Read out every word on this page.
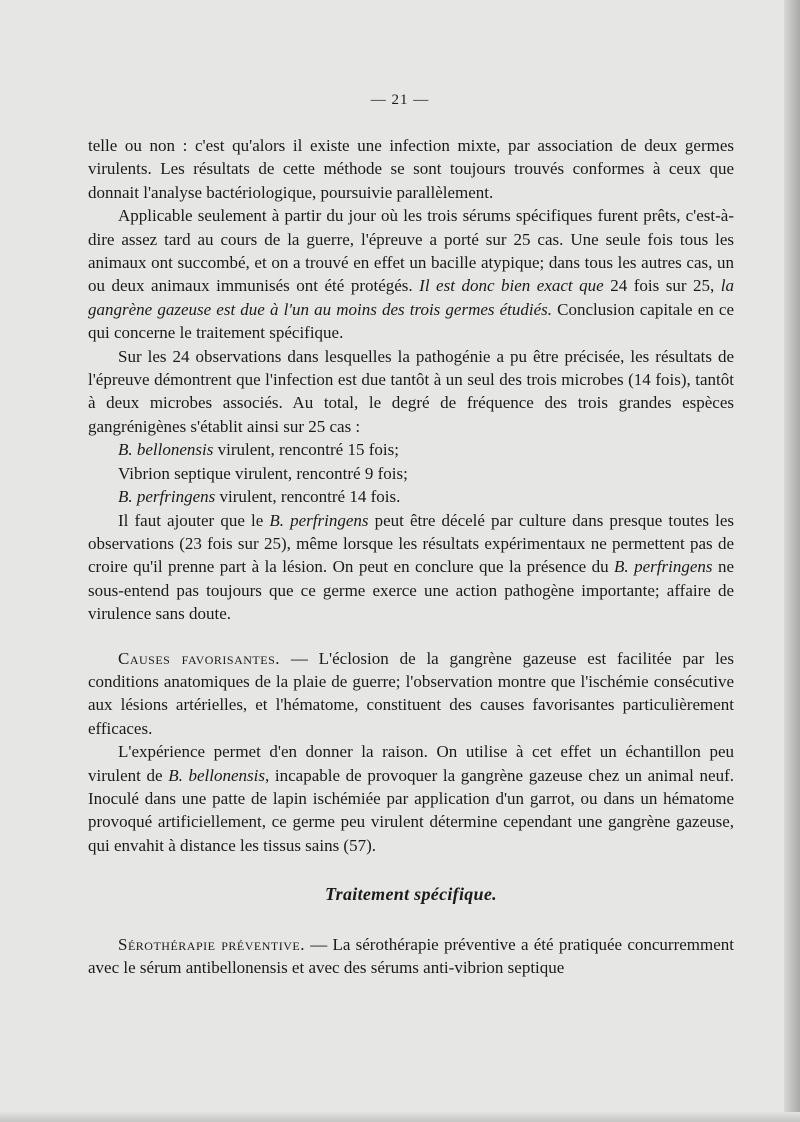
— 21 —

telle ou non : c'est qu'alors il existe une infection mixte, par association de deux germes virulents. Les résultats de cette méthode se sont toujours trouvés conformes à ceux que donnait l'analyse bactériologique, poursuivie parallèlement.

Applicable seulement à partir du jour où les trois sérums spécifiques furent prêts, c'est-à-dire assez tard au cours de la guerre, l'épreuve a porté sur 25 cas. Une seule fois tous les animaux ont succombé, et on a trouvé en effet un bacille atypique; dans tous les autres cas, un ou deux animaux immunisés ont été protégés. Il est donc bien exact que 24 fois sur 25, la gangrène gazeuse est due à l'un au moins des trois germes étudiés. Conclusion capitale en ce qui concerne le traitement spécifique.

Sur les 24 observations dans lesquelles la pathogénie a pu être précisée, les résultats de l'épreuve démontrent que l'infection est due tantôt à un seul des trois microbes (14 fois), tantôt à deux microbes associés. Au total, le degré de fréquence des trois grandes espèces gangrénigènes s'établit ainsi sur 25 cas :

B. bellonensis virulent, rencontré 15 fois;

Vibrion septique virulent, rencontré 9 fois;

B. perfringens virulent, rencontré 14 fois.

Il faut ajouter que le B. perfringens peut être décelé par culture dans presque toutes les observations (23 fois sur 25), même lorsque les résultats expérimentaux ne permettent pas de croire qu'il prenne part à la lésion. On peut en conclure que la présence du B. perfringens ne sous-entend pas toujours que ce germe exerce une action pathogène importante; affaire de virulence sans doute.

Causes favorisantes. — L'éclosion de la gangrène gazeuse est facilitée par les conditions anatomiques de la plaie de guerre; l'observation montre que l'ischémie consécutive aux lésions artérielles, et l'hématome, constituent des causes favorisantes particulièrement efficaces.

L'expérience permet d'en donner la raison. On utilise à cet effet un échantillon peu virulent de B. bellonensis, incapable de provoquer la gangrène gazeuse chez un animal neuf. Inoculé dans une patte de lapin ischémiée par application d'un garrot, ou dans un hématome provoqué artificiellement, ce germe peu virulent détermine cependant une gangrène gazeuse, qui envahit à distance les tissus sains (57).

Traitement spécifique.

Sérothérapie préventive. — La sérothérapie préventive a été pratiquée concurremment avec le sérum antibellonensis et avec des sérums anti-vibrion septique
